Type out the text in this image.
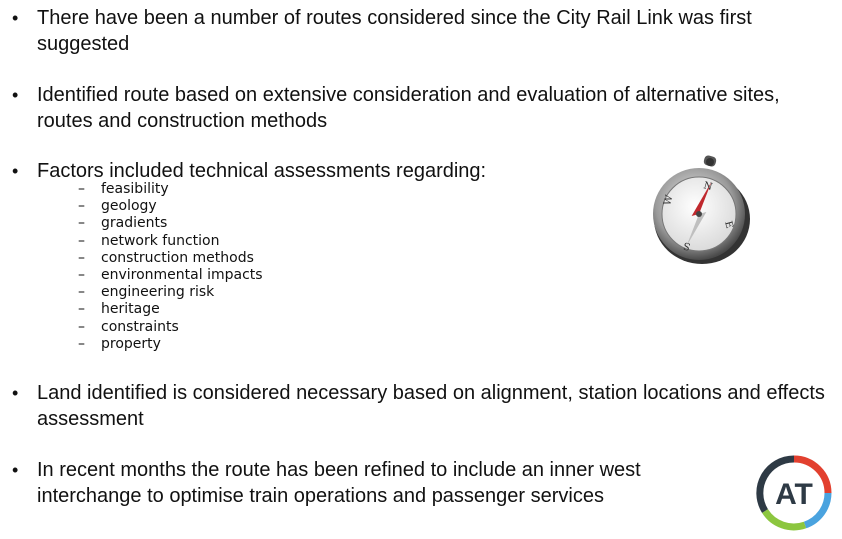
• There have been a number of routes considered since the City Rail Link was first suggested
• Identified route based on extensive consideration and evaluation of alternative sites, routes and construction methods
• Factors included technical assessments regarding:
– feasibility
– geology
– gradients
– network function
– construction methods
– environmental impacts
– engineering risk
– heritage
– constraints
– property
N
E
S
W
• Land identified is considered necessary based on alignment, station locations and effects assessment
• In recent months the route has been refined to include an inner west interchange to optimise train operations and passenger services	AT
